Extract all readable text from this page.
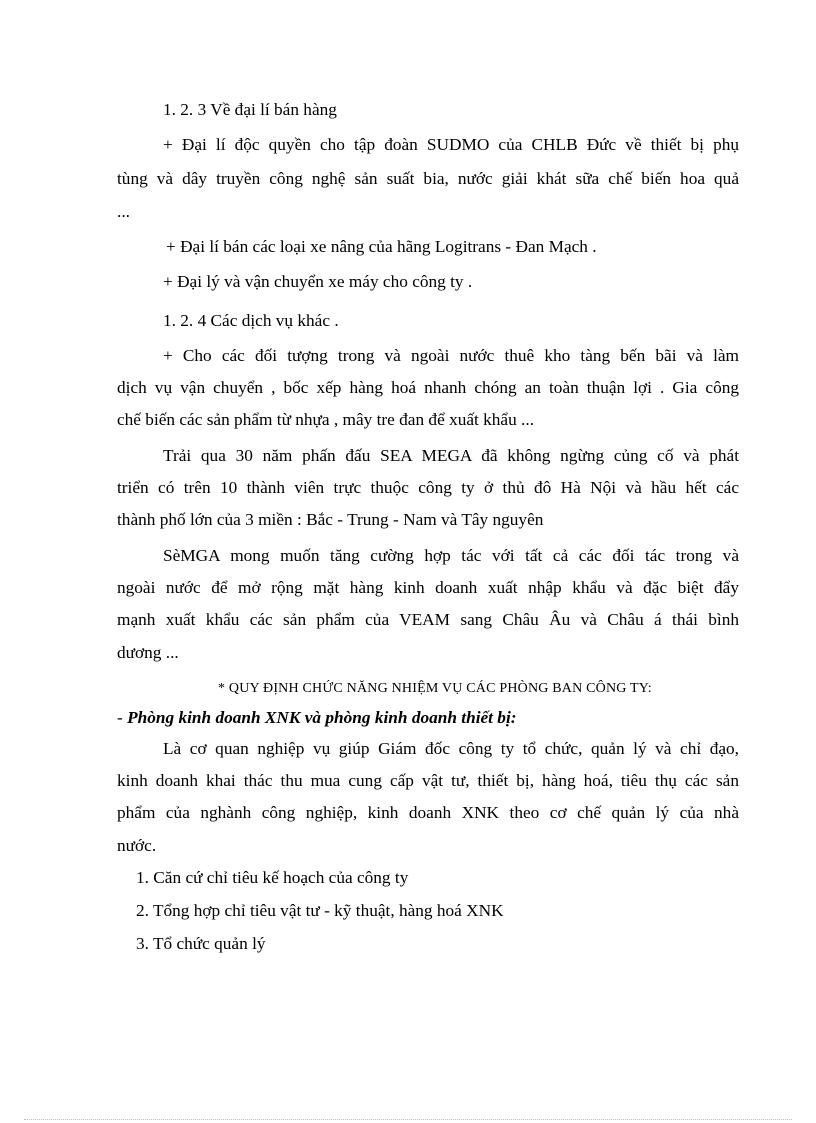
1. 2. 3 Về đại lí bán hàng
+ Đại lí độc quyền cho tập đoàn SUDMO của CHLB Đức về thiết bị phụ
tùng và dây truyền công nghệ sản suất bia, nước giải khát sữa chế biến hoa quả
...
+ Đại lí bán các loại xe nâng của hãng Logitrans - Đan Mạch .
+ Đại lý và vận chuyển xe máy cho công ty .
1. 2. 4 Các dịch vụ khác .
+ Cho các đối tượng trong và ngoài nước thuê kho tàng bến bãi và làm
dịch vụ vận chuyển , bốc xếp hàng hoá nhanh chóng an toàn thuận lợi . Gia công
chế biến các sản phẩm từ nhựa , mây tre đan để xuất khẩu ...
Trải qua 30 năm phấn đấu SEA MEGA đã không ngừng củng cố và phát
triển có trên 10 thành viên trực thuộc công ty ở thủ đô Hà Nội và hầu hết các
thành phố lớn của 3 miền : Bắc - Trung - Nam và Tây nguyên
SèMGA mong muốn tăng cường hợp tác với tất cả các đối tác trong và
ngoài nước để mở rộng mặt hàng kinh doanh xuất nhập khẩu và đặc biệt đẩy
mạnh xuất khẩu các sản phẩm của VEAM sang Châu Âu và Châu á thái bình
dương ...
* QUY ĐỊNH CHỨC NĂNG NHIỆM VỤ CÁC PHÒNG BAN CÔNG TY:
- Phòng kinh doanh XNK và phòng kinh doanh thiết bị:
Là cơ quan nghiệp vụ giúp Giám đốc công ty tổ chức, quản lý và chỉ đạo,
kinh doanh khai thác thu mua cung cấp vật tư, thiết bị, hàng hoá, tiêu thụ các sản
phẩm của nghành công nghiệp, kinh doanh XNK theo cơ chế quản lý của nhà
nước.
1. Căn cứ chỉ tiêu kế hoạch của công ty
2. Tổng hợp chỉ tiêu vật tư - kỹ thuật, hàng hoá XNK
3. Tổ chức quản lý
